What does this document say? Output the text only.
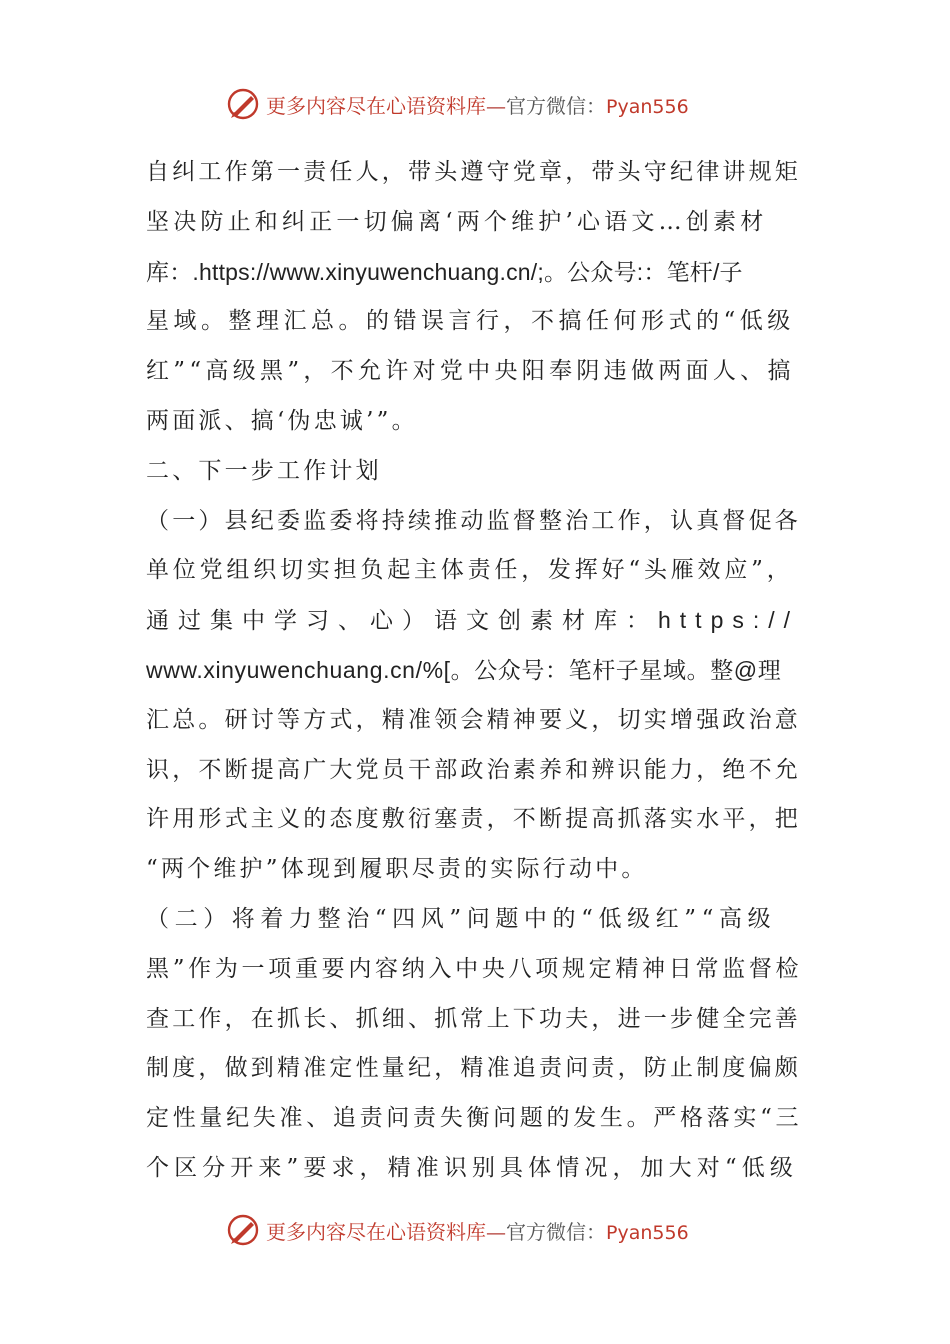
更多内容尽在心语资料库—官方微信：Pyan556
自纠工作第一责任人，带头遵守党章，带头守纪律讲规矩
坚决防止和纠正一切偏离‘两个维护’心语文…创素材
库：.https://www.xinyuwenchuang.cn/;。公众号:：笔杆/子
星域。整理汇总。的错误言行，不搞任何形式的“低级
红”“高级黑”，不允许对党中央阳奉阴违做两面人、搞
两面派、搞‘伪忠诚’”。
二、下一步工作计划
（一）县纪委监委将持续推动监督整治工作，认真督促各
单位党组织切实担负起主体责任，发挥好“头雁效应”，
通过集中学习、心）语文创素材库：https://
www.xinyuwenchuang.cn/%[。公众号：笔杆子星域。整@理
汇总。研讨等方式，精准领会精神要义，切实增强政治意
识，不断提高广大党员干部政治素养和辨识能力，绝不允
许用形式主义的态度敷衍塞责，不断提高抓落实水平，把
“两个维护”体现到履职尽责的实际行动中。
（二）将着力整治“四风”问题中的“低级红”“高级
黑”作为一项重要内容纳入中央八项规定精神日常监督检
查工作，在抓长、抓细、抓常上下功夫，进一步健全完善
制度，做到精准定性量纪，精准追责问责，防止制度偏颇
定性量纪失准、追责问责失衡问题的发生。严格落实“三
个区分开来”要求，精准识别具体情况，加大对“低级
更多内容尽在心语资料库—官方微信：Pyan556
